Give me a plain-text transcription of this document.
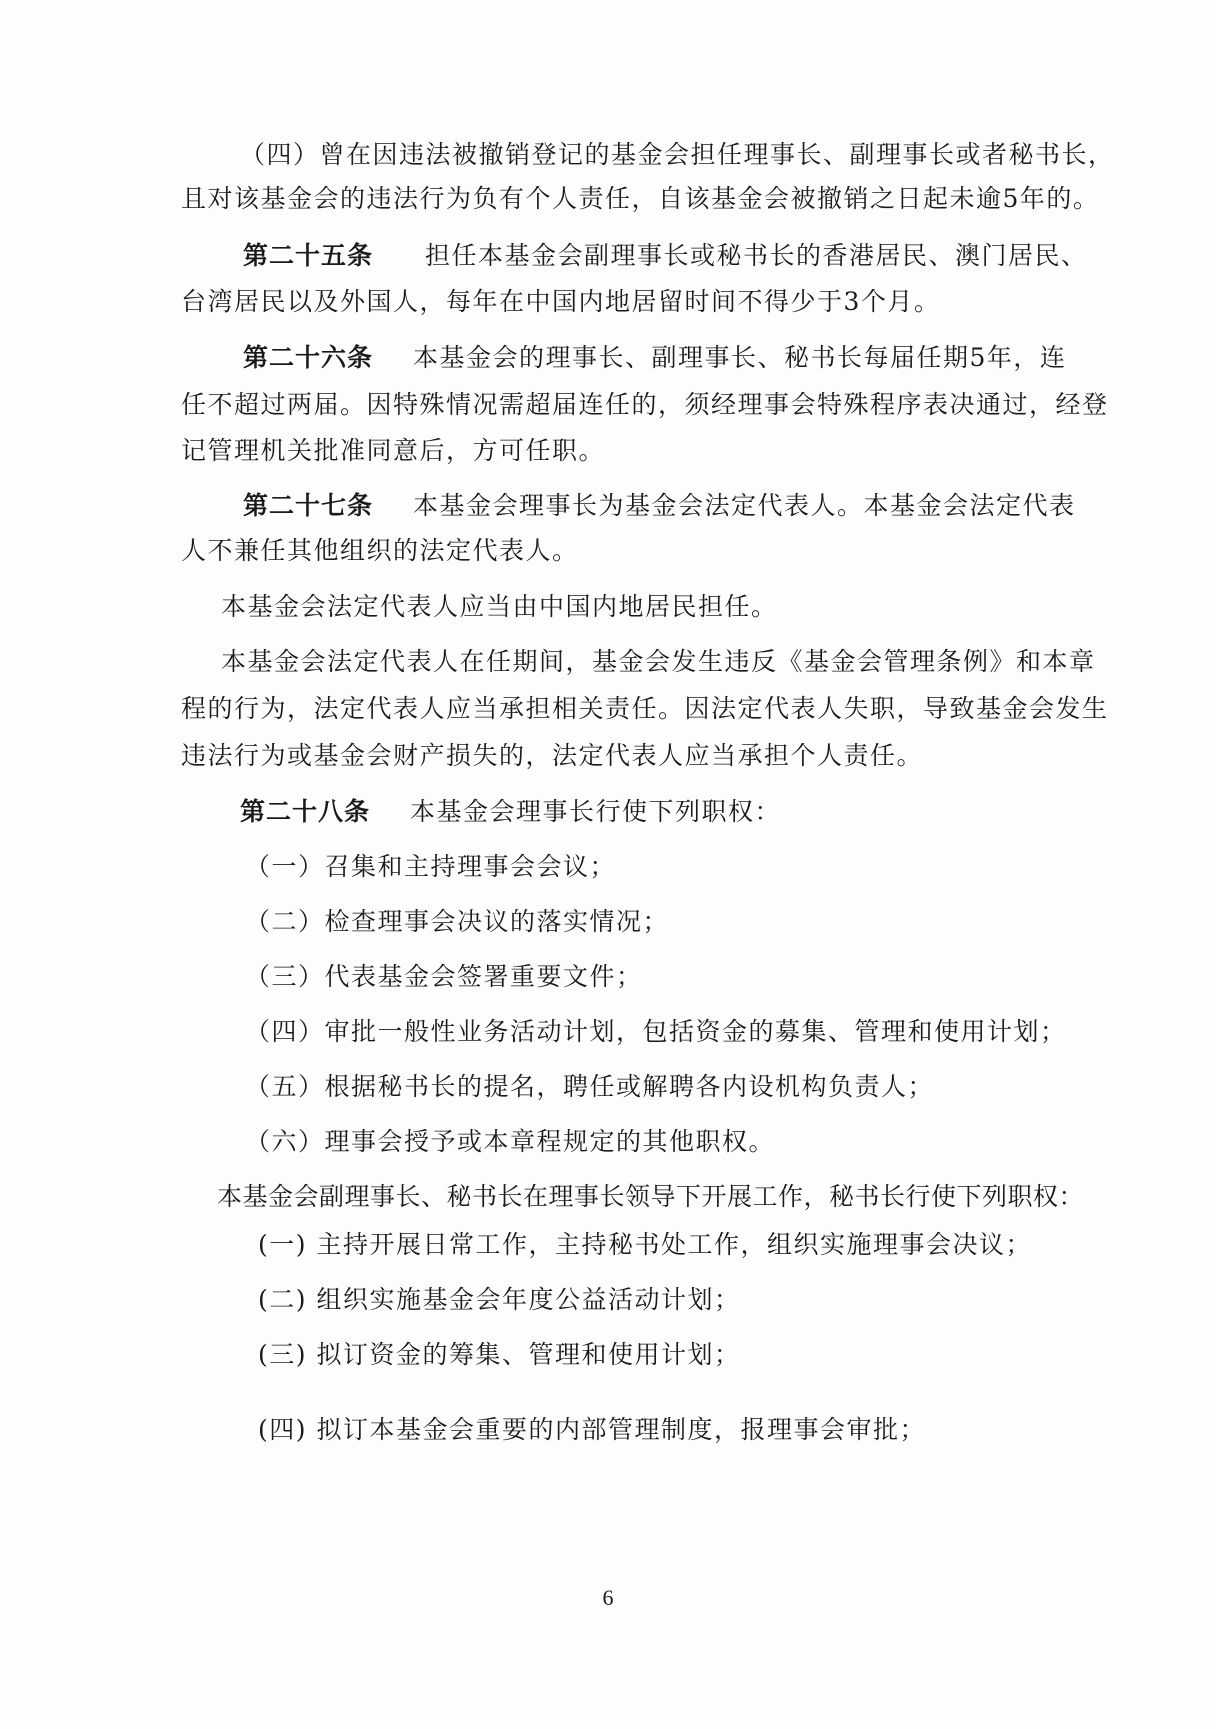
（四）曾在因违法被撤销登记的基金会担任理事长、副理事长或者秘书长，
且对该基金会的违法行为负有个人责任，自该基金会被撤销之日起未逾5年的。
第二十五条 担任本基金会副理事长或秘书长的香港居民、澳门居民、
台湾居民以及外国人，每年在中国内地居留时间不得少于3个月。
第二十六条 本基金会的理事长、副理事长、秘书长每届任期5年，连
任不超过两届。因特殊情况需超届连任的，须经理事会特殊程序表决通过，经登
记管理机关批准同意后，方可任职。
第二十七条 本基金会理事长为基金会法定代表人。本基金会法定代表
人不兼任其他组织的法定代表人。
本基金会法定代表人应当由中国内地居民担任。
本基金会法定代表人在任期间，基金会发生违反《基金会管理条例》和本章
程的行为，法定代表人应当承担相关责任。因法定代表人失职，导致基金会发生
违法行为或基金会财产损失的，法定代表人应当承担个人责任。
第二十八条 本基金会理事长行使下列职权：
（一）召集和主持理事会会议；
（二）检查理事会决议的落实情况；
（三）代表基金会签署重要文件；
（四）审批一般性业务活动计划，包括资金的募集、管理和使用计划；
（五）根据秘书长的提名，聘任或解聘各内设机构负责人；
（六）理事会授予或本章程规定的其他职权。
本基金会副理事长、秘书长在理事长领导下开展工作，秘书长行使下列职权：
(一) 主持开展日常工作，主持秘书处工作，组织实施理事会决议；
(二) 组织实施基金会年度公益活动计划；
(三) 拟订资金的筹集、管理和使用计划；
(四) 拟订本基金会重要的内部管理制度，报理事会审批；
6
